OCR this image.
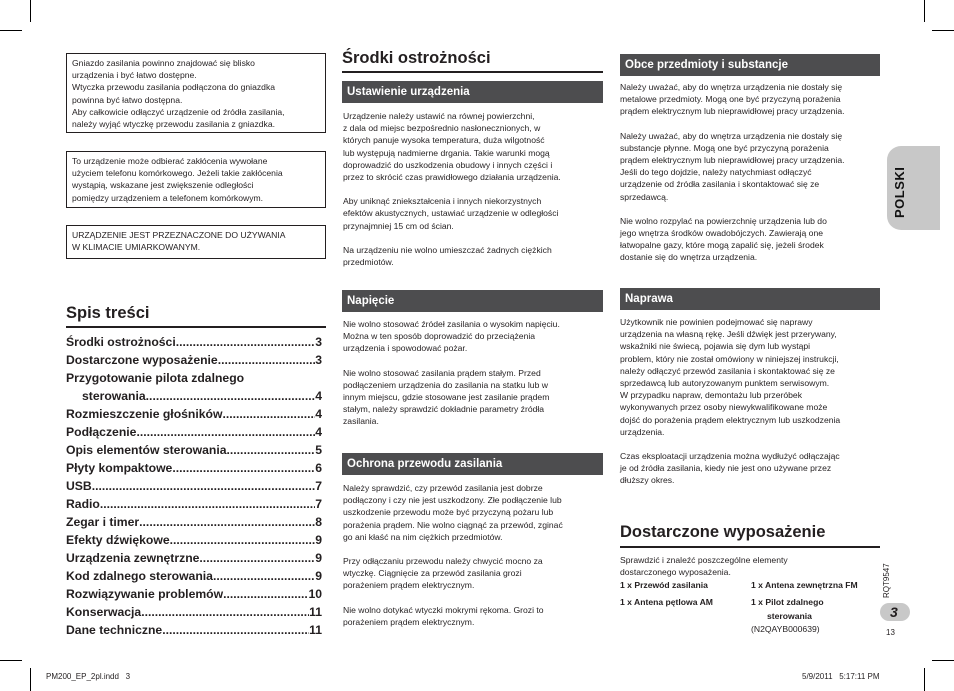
Gniazdo zasilania powinno znajdować się blisko

urządzenia i być łatwo dostępne.

Wtyczka przewodu zasilania podłączona do gniazdka

powinna być łatwo dostępna.

Aby całkowicie odłączyć urządzenie od źródła zasilania,

należy wyjąć wtyczkę przewodu zasilania z gniazdka.

To urządzenie może odbierać zakłócenia wywołane

użyciem telefonu komórkowego. Jeżeli takie zakłócenia

wystąpią, wskazane jest zwiększenie odległości

pomiędzy urządzeniem a telefonem komórkowym.

URZĄDZENIE JEST PRZEZNACZONE DO UŻYWANIA

W KLIMACIE UMIARKOWANYM.

Spis treści
Środki ostrożności .....	3
Dostarczone wyposażenie .....	3
Przygotowanie pilota zdalnego
sterowania .....	4
Rozmieszczenie głośników .....	4
Podłączenie .....	4
Opis elementów sterowania .....	5
Płyty kompaktowe .....	6
USB .....	7
Radio .....	7
Zegar i timer .....	8
Efekty dźwiękowe .....	9
Urządzenia zewnętrzne .....	9
Kod zdalnego sterowania .....	9
Rozwiązywanie problemów .....	10
Konserwacja .....	11
Dane techniczne .....	11
Środki ostrożności
Ustawienie urządzenia

Urządzenie należy ustawić na równej powierzchni,
z dala od miejsc bezpośrednio nasłonecznionych, w
których panuje wysoka temperatura, duża wilgotność
lub występują nadmierne drgania. Takie warunki mogą
doprowadzić do uszkodzenia obudowy i innych części i
przez to skrócić czas prawidłowego działania urządzenia.

Aby uniknąć zniekształcenia i innych niekorzystnych
efektów akustycznych, ustawiać urządzenie w odległości
przynajmniej 15 cm od ścian.

Na urządzeniu nie wolno umieszczać żadnych ciężkich
przedmiotów.

Napięcie

Nie wolno stosować źródeł zasilania o wysokim napięciu.
Można w ten sposób doprowadzić do przeciążenia
urządzenia i spowodować pożar.

Nie wolno stosować zasilania prądem stałym. Przed
podłączeniem urządzenia do zasilania na statku lub w
innym miejscu, gdzie stosowane jest zasilanie prądem
stałym, należy sprawdzić dokładnie parametry źródła
zasilania.

Ochrona przewodu zasilania

Należy sprawdzić, czy przewód zasilania jest dobrze
podłączony i czy nie jest uszkodzony. Złe podłączenie lub
uszkodzenie przewodu może być przyczyną pożaru lub
porażenia prądem. Nie wolno ciągnąć za przewód, zginać
go ani kłaść na nim ciężkich przedmiotów.

Przy odłączaniu przewodu należy chwycić mocno za
wtyczkę. Ciągnięcie za przewód zasilania grozi
porażeniem prądem elektrycznym.

Nie wolno dotykać wtyczki mokrymi rękoma. Grozi to
porażeniem prądem elektrycznym.

Obce przedmioty i substancje

Należy uważać, aby do wnętrza urządzenia nie dostały się
metalowe przedmioty. Mogą one być przyczyną porażenia
prądem elektrycznym lub nieprawidłowej pracy urządzenia.

Należy uważać, aby do wnętrza urządzenia nie dostały się
substancje płynne. Mogą one być przyczyną porażenia
prądem elektrycznym lub nieprawidłowej pracy urządzenia.
Jeśli do tego dojdzie, należy natychmiast odłączyć
urządzenie od źródła zasilania i skontaktować się ze
sprzedawcą.

Nie wolno rozpylać na powierzchnię urządzenia lub do
jego wnętrza środków owadobójczych. Zawierają one
łatwopalne gazy, które mogą zapalić się, jeżeli środek
dostanie się do wnętrza urządzenia.

Naprawa

Użytkownik nie powinien podejmować się naprawy
urządzenia na własną rękę. Jeśli dźwięk jest przerywany,
wskaźniki nie świecą, pojawia się dym lub wystąpi
problem, który nie został omówiony w niniejszej instrukcji,
należy odłączyć przewód zasilania i skontaktować się ze
sprzedawcą lub autoryzowanym punktem serwisowym.
W przypadku napraw, demontażu lub przeróbek
wykonywanych przez osoby niewykwalifikowane może
dojść do porażenia prądem elektrycznym lub uszkodzenia
urządzenia.

Czas eksploatacji urządzenia można wydłużyć odłączając
je od źródła zasilania, kiedy nie jest ono używane przez
dłuższy okres.

Dostarczone wyposażenie
Sprawdzić i znaleźć poszczególne elementy
dostarczonego wyposażenia.
1 x Przewód zasilania	1 x Antena zewnętrzna FM
1 x Antena pętlowa AM	1 x Pilot zdalnego
sterowania
(N2QAYB000639)
POLSKI
RQT9547
3
13
PM200_EP_2pl.indd   3	5/9/2011   5:17:11 PM
